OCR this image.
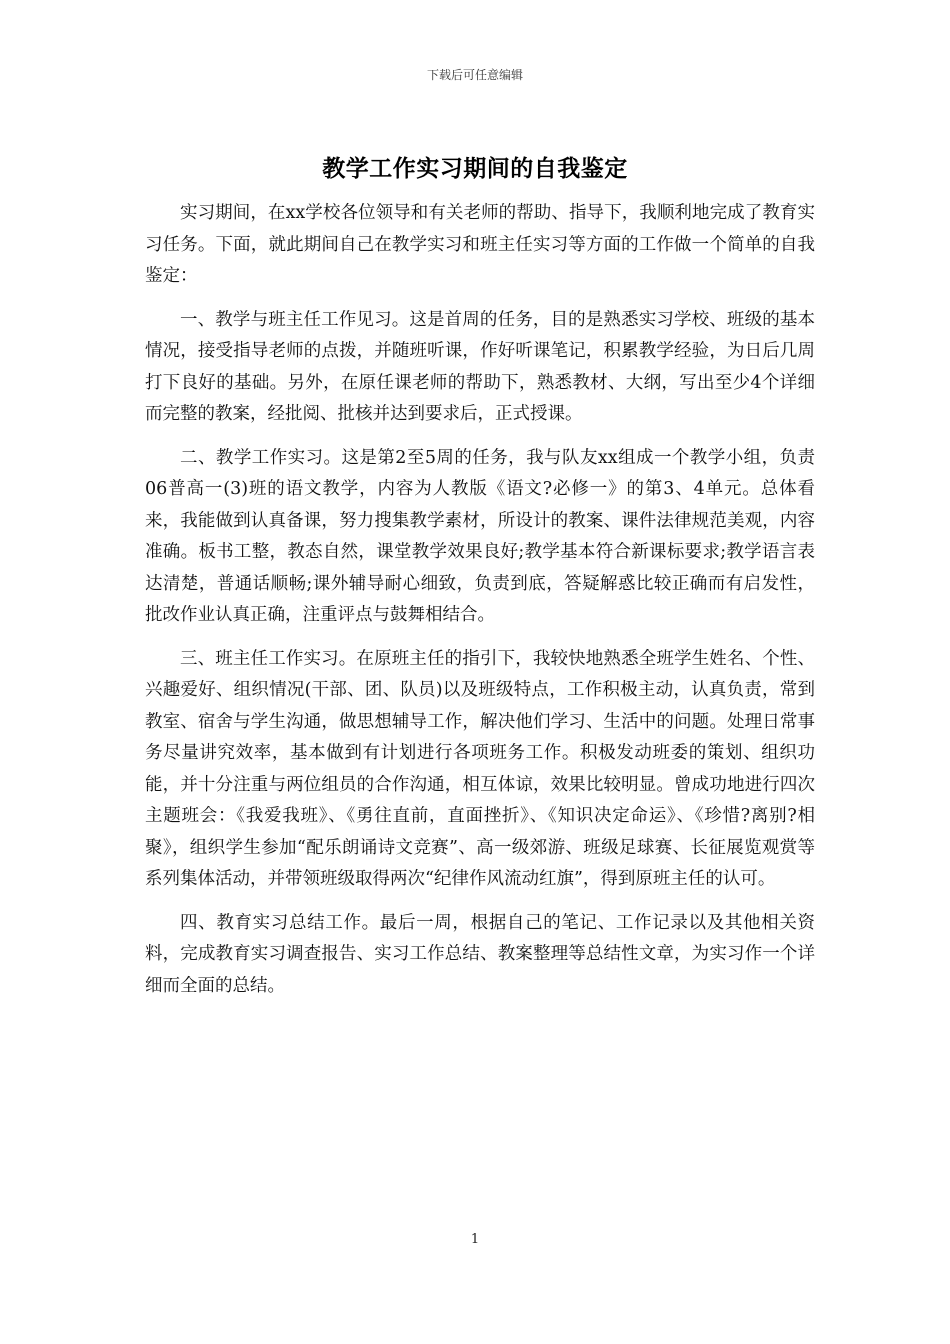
下载后可任意编辑
教学工作实习期间的自我鉴定

实习期间，在xx学校各位领导和有关老师的帮助、指导下，我顺利地完成了教育实习任务。下面，就此期间自己在教学实习和班主任实习等方面的工作做一个简单的自我鉴定：

一、教学与班主任工作见习。这是首周的任务，目的是熟悉实习学校、班级的基本情况，接受指导老师的点拨，并随班听课，作好听课笔记，积累教学经验，为日后几周打下良好的基础。另外，在原任课老师的帮助下，熟悉教材、大纲，写出至少4个详细而完整的教案，经批阅、批核并达到要求后，正式授课。

二、教学工作实习。这是第2至5周的任务，我与队友xx组成一个教学小组，负责06普高一(3)班的语文教学，内容为人教版《语文?必修一》的第3、4单元。总体看来，我能做到认真备课，努力搜集教学素材，所设计的教案、课件法律规范美观，内容准确。板书工整，教态自然，课堂教学效果良好;教学基本符合新课标要求;教学语言表达清楚，普通话顺畅;课外辅导耐心细致，负责到底，答疑解惑比较正确而有启发性，批改作业认真正确，注重评点与鼓舞相结合。

三、班主任工作实习。在原班主任的指引下，我较快地熟悉全班学生姓名、个性、兴趣爱好、组织情况(干部、团、队员)以及班级特点，工作积极主动，认真负责，常到教室、宿舍与学生沟通，做思想辅导工作，解决他们学习、生活中的问题。处理日常事务尽量讲究效率，基本做到有计划进行各项班务工作。积极发动班委的策划、组织功能，并十分注重与两位组员的合作沟通，相互体谅，效果比较明显。曾成功地进行四次主题班会：《我爱我班》、《勇往直前，直面挫折》、《知识决定命运》、《珍惜?离别?相聚》，组织学生参加“配乐朗诵诗文竞赛”、高一级郊游、班级足球赛、长征展览观赏等系列集体活动，并带领班级取得两次“纪律作风流动红旗”，得到原班主任的认可。

四、教育实习总结工作。最后一周，根据自己的笔记、工作记录以及其他相关资料，完成教育实习调查报告、实习工作总结、教案整理等总结性文章，为实习作一个详细而全面的总结。

1
